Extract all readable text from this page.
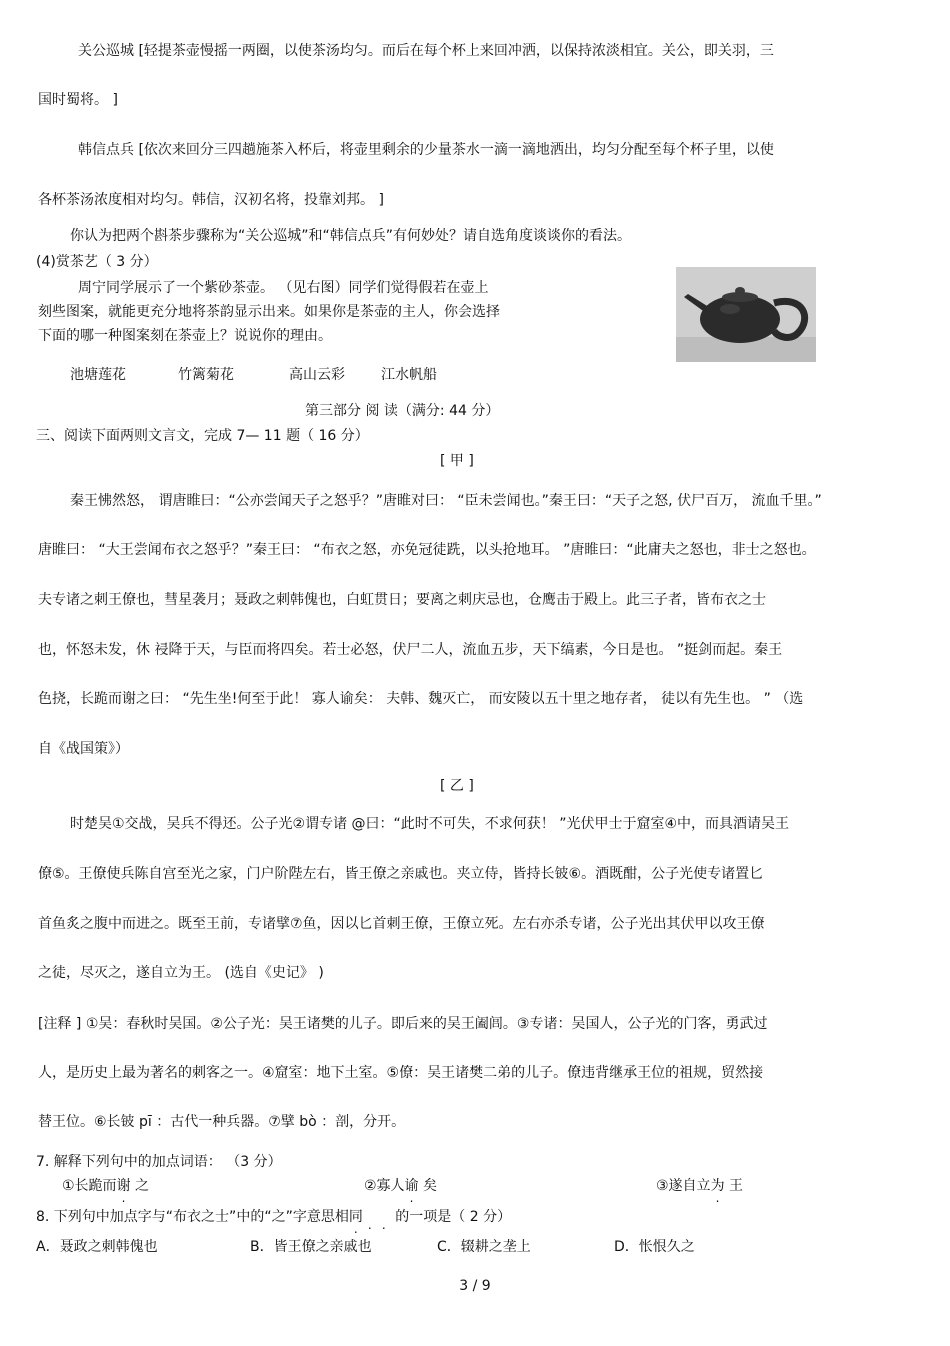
关公巡城 [轻提茶壶慢摇一两圈，以使茶汤均匀。而后在每个杯上来回冲洒，以保持浓淡相宜。关公，即关羽，三
国时蜀将。 ]
韩信点兵 [依次来回分三四趟施茶入杯后，将壶里剩余的少量茶水一滴一滴地洒出，均匀分配至每个杯子里，以使
各杯茶汤浓度相对均匀。韩信，汉初名将，投靠刘邦。 ]
你认为把两个斟茶步骤称为“关公巡城”和“韩信点兵”有何妙处？请自选角度谈谈你的看法。
(4)赏茶艺（ 3 分）
周宁同学展示了一个紫砂茶壶。 （见右图）同学们觉得假若在壶上
刻些图案，就能更充分地将茶韵显示出来。如果你是茶壶的主人，你会选择
下面的哪一种图案刻在茶壶上？说说你的理由。
池塘莲花	竹篱菊花	高山云彩	江水帆船
第三部分 阅 读（满分: 44 分）
三、阅读下面两则文言文，完成 7— 11 题（ 16 分）
[ 甲 ]
秦王怫然怒， 谓唐睢曰：“公亦尝闻天子之怒乎？”唐睢对曰： “臣未尝闻也。”秦王曰：“天子之怒, 伏尸百万， 流血千里。”
唐睢曰： “大王尝闻布衣之怒乎？”秦王曰： “布衣之怒，亦免冠徒跣，以头抢地耳。 ”唐睢曰：“此庸夫之怒也，非士之怒也。
夫专诸之刺王僚也，彗星袭月；聂政之刺韩傀也，白虹贯日；要离之刺庆忌也，仓鹰击于殿上。此三子者，皆布衣之士
也，怀怒未发，休 祲降于天，与臣而将四矣。若士必怒，伏尸二人，流血五步，天下缟素，今日是也。 ”挺剑而起。秦王
色挠，长跪而谢之曰： “先生坐!何至于此！ 寡人谕矣： 夫韩、魏灭亡， 而安陵以五十里之地存者， 徒以有先生也。 ” （选
自《战国策》）
[ 乙 ]
时楚吴①交战，吴兵不得还。公子光②谓专诸 @曰：“此时不可失，不求何获！ ”光伏甲士于窟室④中，而具酒请吴王
僚⑤。王僚使兵陈自宫至光之家，门户阶陛左右，皆王僚之亲戚也。夹立侍，皆持长铍⑥。酒既酣，公子光使专诸置匕
首鱼炙之腹中而进之。既至王前，专诸擘⑦鱼，因以匕首刺王僚，王僚立死。左右亦杀专诸，公子光出其伏甲以攻王僚
之徒，尽灭之，遂自立为王。 (选自《史记》 )
[注释 ] ①吴：春秋时吴国。②公子光：吴王诸樊的儿子。即后来的吴王阖闾。③专诸：吴国人，公子光的门客，勇武过
人，是历史上最为著名的刺客之一。④窟室：地下土室。⑤僚：吴王诸樊二弟的儿子。僚违背继承王位的祖规，贸然接
替王位。⑥长铍 pī ：古代一种兵器。⑦擘 bò ：剖，分开。
7. 解释下列句中的加点词语： （3 分）
①长跪而谢 之	②寡人谕 矣	③遂自立为 王
8. 下列句中加点字与“布衣之士”中的“之”字意思相同 的一项是（ 2 分）
A．聂政之刺韩傀也	B．皆王僚之亲戚也	C．辍耕之垄上	D．怅恨久之
3 / 9
